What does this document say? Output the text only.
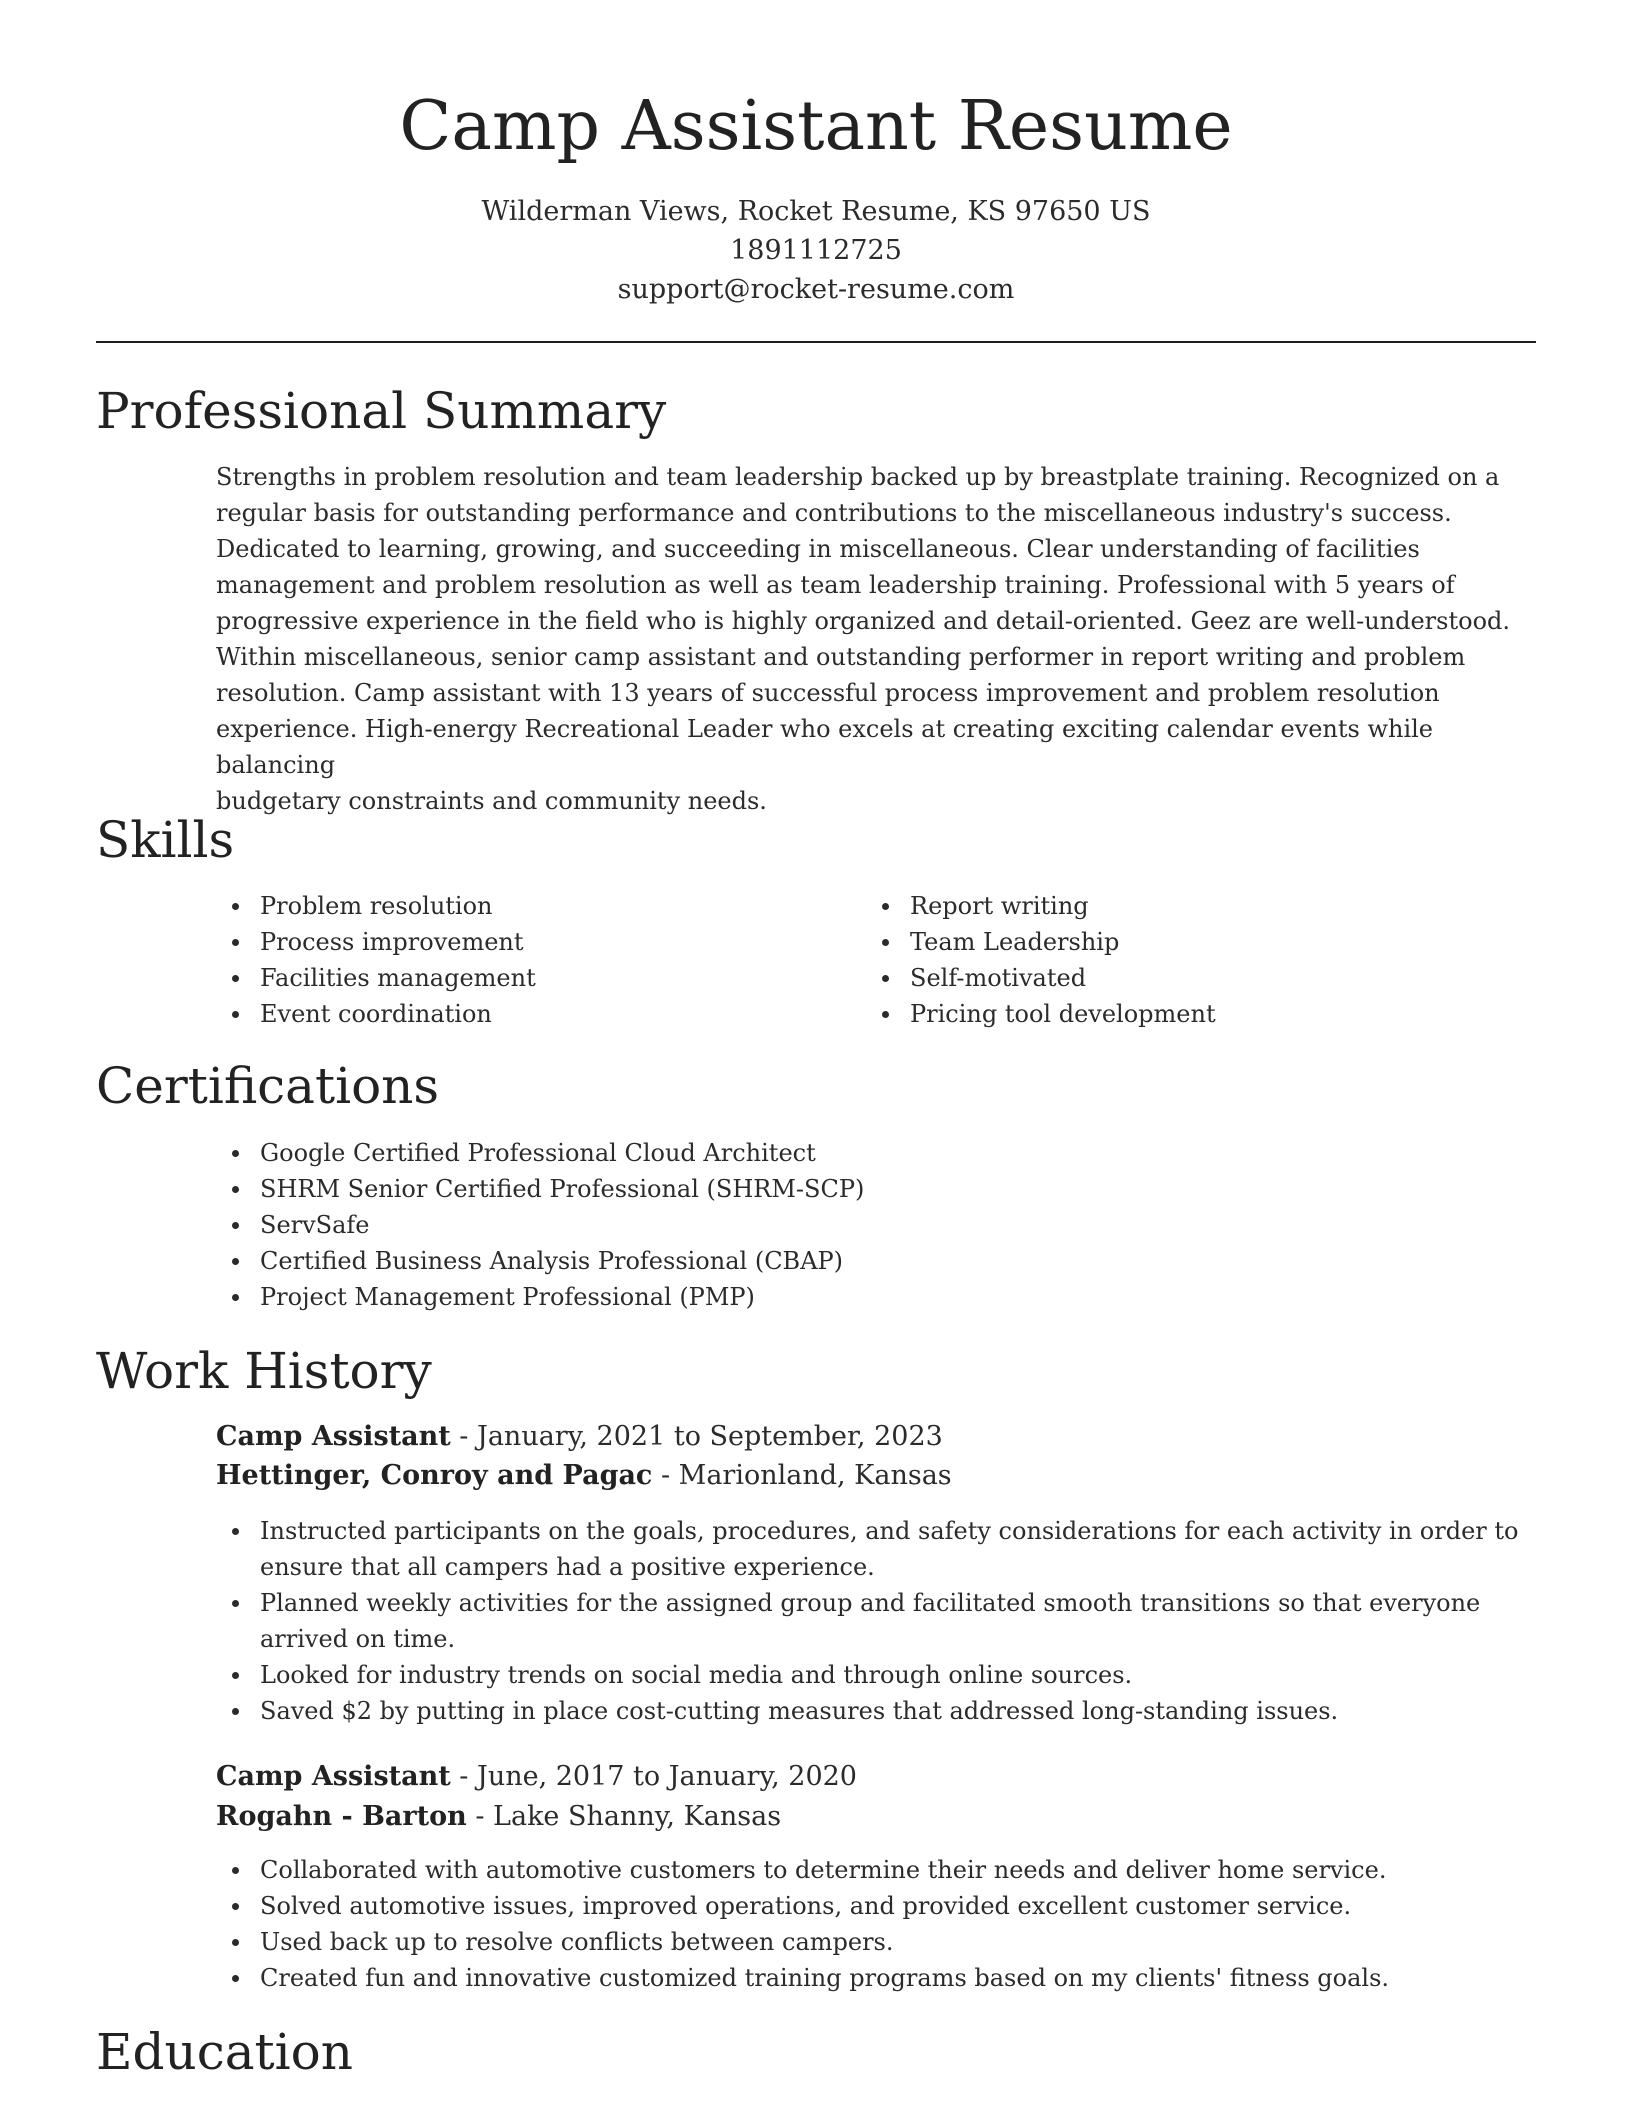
Camp Assistant Resume
Wilderman Views, Rocket Resume, KS 97650 US
1891112725
support@rocket-resume.com
Professional Summary
Strengths in problem resolution and team leadership backed up by breastplate training. Recognized on a
regular basis for outstanding performance and contributions to the miscellaneous industry's success.
Dedicated to learning, growing, and succeeding in miscellaneous. Clear understanding of facilities
management and problem resolution as well as team leadership training. Professional with 5 years of
progressive experience in the field who is highly organized and detail-oriented. Geez are well-understood.
Within miscellaneous, senior camp assistant and outstanding performer in report writing and problem
resolution. Camp assistant with 13 years of successful process improvement and problem resolution
experience. High-energy Recreational Leader who excels at creating exciting calendar events while balancing
budgetary constraints and community needs.
Skills
Problem resolution
Process improvement
Facilities management
Event coordination
Report writing
Team Leadership
Self-motivated
Pricing tool development
Certifications
Google Certified Professional Cloud Architect
SHRM Senior Certified Professional (SHRM-SCP)
ServSafe
Certified Business Analysis Professional (CBAP)
Project Management Professional (PMP)
Work History
Camp Assistant - January, 2021 to September, 2023
Hettinger, Conroy and Pagac - Marionland, Kansas
Instructed participants on the goals, procedures, and safety considerations for each activity in order to
ensure that all campers had a positive experience.
Planned weekly activities for the assigned group and facilitated smooth transitions so that everyone
arrived on time.
Looked for industry trends on social media and through online sources.
Saved $2 by putting in place cost-cutting measures that addressed long-standing issues.
Camp Assistant - June, 2017 to January, 2020
Rogahn - Barton - Lake Shanny, Kansas
Collaborated with automotive customers to determine their needs and deliver home service.
Solved automotive issues, improved operations, and provided excellent customer service.
Used back up to resolve conflicts between campers.
Created fun and innovative customized training programs based on my clients' fitness goals.
Education
